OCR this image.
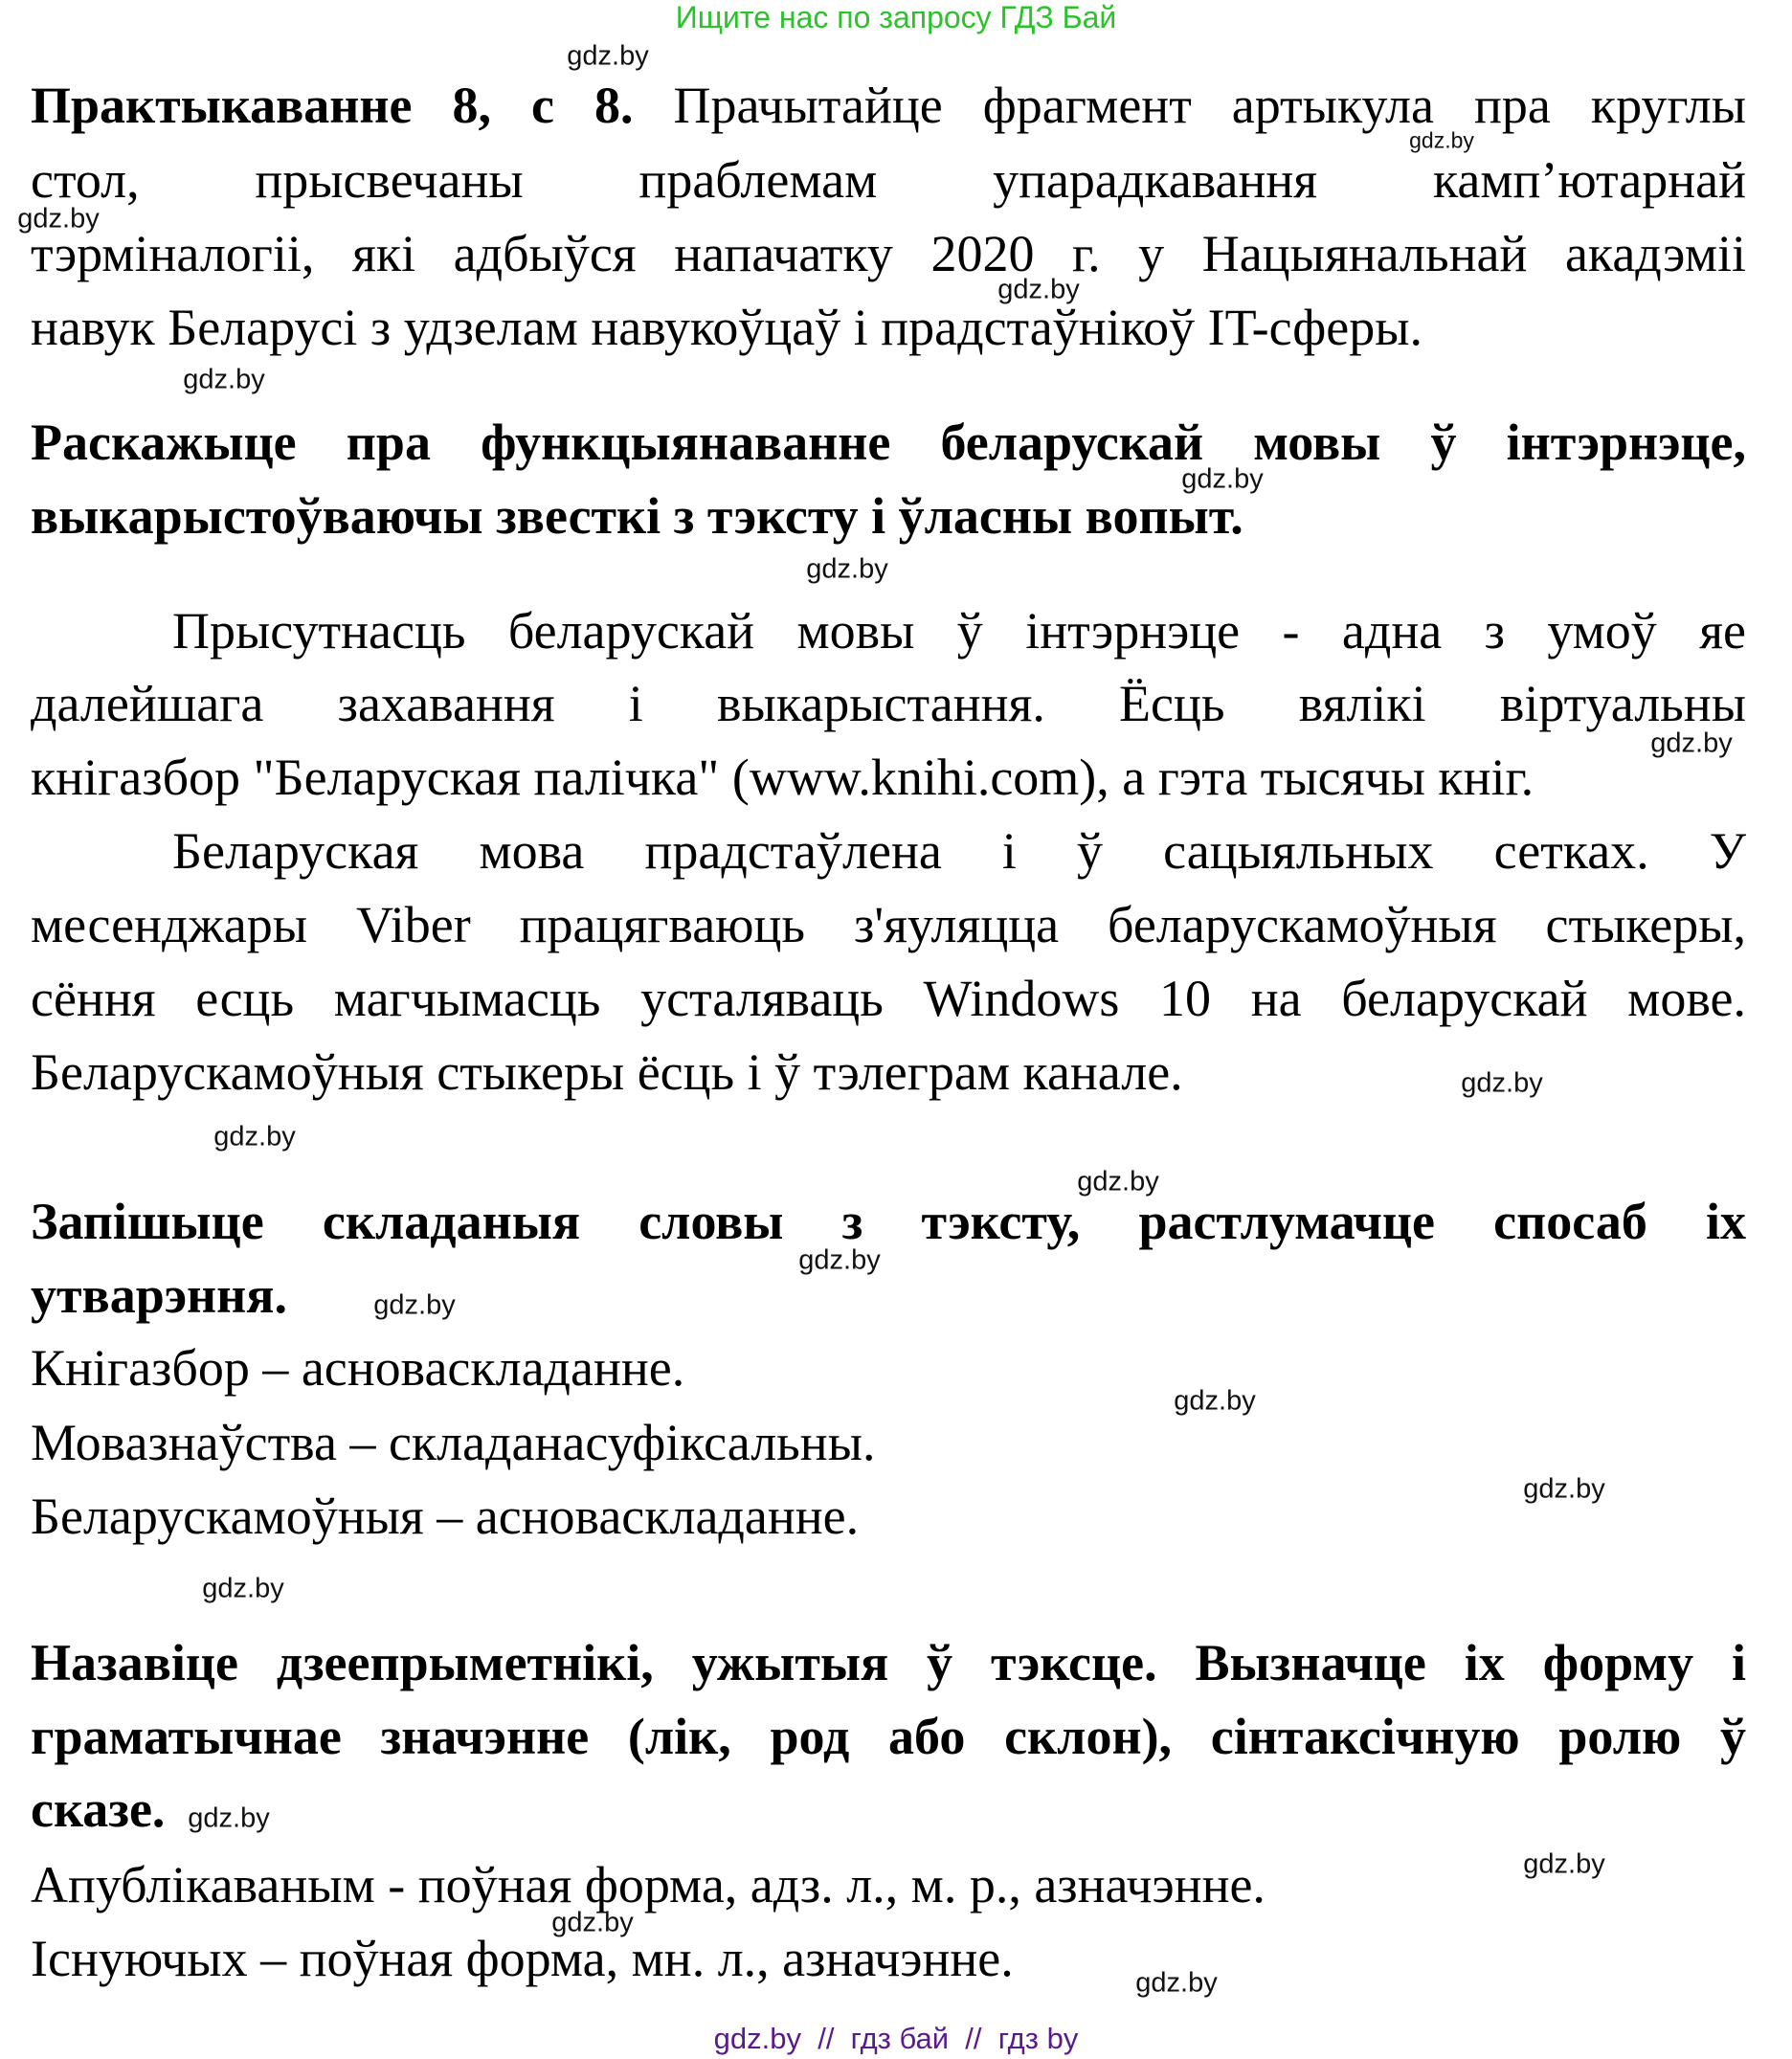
Ищите нас по запросу ГДЗ Бай
Практыкаванне 8, с 8. Прачытайце фрагмент артыкула пра круглы
стол, прысвечаны праблемам упарадкавання камп’ютарнай
тэрміналогіі, які адбыўся напачатку 2020 г. у Нацыянальнай акадэміі
навук Беларусі з удзелам навукоўцаў і прадстаўнікоў IT-сферы.
Раскажыце пра функцыянаванне беларускай мовы ў інтэрнэце,
выкарыстоўваючы звесткі з тэксту і ўласны вопыт.
Прысутнасць беларускай мовы ў інтэрнэце - адна з умоў яе
далейшага захавання і выкарыстання. Ёсць вялікі віртуальны
кнігазбор "Беларуская палічка" (www.knihi.com), а гэта тысячы кніг.
Беларуская мова прадстаўлена і ў сацыяльных сетках. У
месенджары Viber працягваюць з'яуляцца беларускамоўныя стыкеры,
сёння есць магчымасць усталяваць Windows 10 на беларускай мове.
Беларускамоўныя стыкеры ёсць і ў тэлеграм канале.
Запішыце складаныя словы з тэксту, растлумачце спосаб іх
утварэння.
Кнігазбор – асноваскладанне.
Мовазнаўства – складанасуфіксальны.
Беларускамоўныя – асноваскладанне.
Назавіце дзеепрыметнікі, ужытыя ў тэксце. Вызначце іх форму і
граматычнае значэнне (лік, род або склон), сінтаксічную ролю ў
сказе.
Апублікаваным - поўная форма, адз. л., м. р., азначэнне.
Існуючых – поўная форма, мн. л., азначэнне.
gdz.by
gdz.by
gdz.by
gdz.by
gdz.by
gdz.by
gdz.by
gdz.by
gdz.by
gdz.by
gdz.by
gdz.by
gdz.by
gdz.by
gdz.by
gdz.by
gdz.by
gdz.by
gdz.by
gdz.by
gdz.by  //  гдз бай  //  гдз by
